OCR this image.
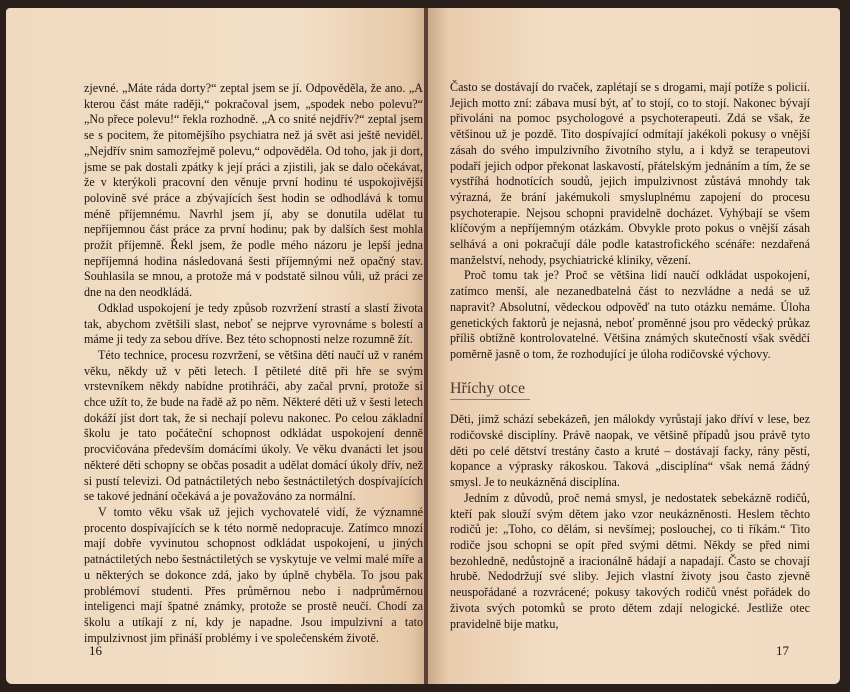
zjevné. „Máte ráda dorty?“ zeptal jsem se jí. Odpověděla, že ano. „A kterou část máte raději,“ pokračoval jsem, „spodek nebo polevu?“ „No přece polevu!“ řekla rozhodně. „A co snité nejdřív?“ zeptal jsem se s pocitem, že pitomějšího psychiatra než já svět asi ještě neviděl. „Nejdřív snim samozřejmě polevu,“ odpověděla. Od toho, jak ji dort, jsme se pak dostali zpátky k její práci a zjistili, jak se dalo očekávat, že v kterýkoli pracovní den věnuje první hodinu té uspokojivější polovině své práce a zbývajících šest hodin se odhodlává k tomu méně příjemnému. Navrhl jsem jí, aby se donutila udělat tu nepříjemnou část práce za první hodinu; pak by dalších šest mohla prožít příjemně. Řekl jsem, že podle mého názoru je lepší jedna nepříjemná hodina následovaná šesti příjemnými než opačný stav. Souhlasila se mnou, a protože má v podstatě silnou vůli, už práci ze dne na den neodkládá.

Odklad uspokojení je tedy způsob rozvržení strastí a slastí života tak, abychom zvětšili slast, neboť se nejprve vyrovnáme s bolestí a máme ji tedy za sebou dříve. Bez této schopnosti nelze rozumně žít.

Této technice, procesu rozvržení, se většina dětí naučí už v raném věku, někdy už v pěti letech. I pětileté dítě při hře se svým vrstevníkem někdy nabídne protihráči, aby začal první, protože si chce užít to, že bude na řadě až po něm. Některé děti už v šesti letech dokáží jíst dort tak, že si nechají polevu nakonec. Po celou základní školu je tato počáteční schopnost odkládat uspokojení denně procvičována především domácími úkoly. Ve věku dvanácti let jsou některé děti schopny se občas posadit a udělat domácí úkoly dřív, než si pustí televizi. Od patnáctiletých nebo šestnáctiletých dospívajících se takové jednání očekává a je považováno za normální.

V tomto věku však už jejich vychovatelé vidí, že významné procento dospívajících se k této normě nedopracuje. Zatímco mnozí mají dobře vyvinutou schopnost odkládat uspokojení, u jiných patnáctiletých nebo šestnáctiletých se vyskytuje ve velmi malé míře a u některých se dokonce zdá, jako by úplně chyběla. To jsou pak problémoví studenti. Přes průměrnou nebo i nadprůměrnou inteligenci mají špatné známky, protože se prostě neučí. Chodí za školu a utíkají z ní, kdy je napadne. Jsou impulzivní a tato impulzivnost jim přináší problémy i ve společenském životě.

16

Často se dostávají do rvaček, zaplétají se s drogami, mají potíže s policií. Jejich motto zní: zábava musí být, ať to stojí, co to stojí. Nakonec bývají přivoláni na pomoc psychologové a psychoterapeuti. Zdá se však, že většinou už je pozdě. Tito dospívající odmítají jakékoli pokusy o vnější zásah do svého impulzivního životního stylu, a i když se terapeutovi podaří jejich odpor překonat laskavostí, přátelským jednáním a tím, že se vystříhá hodnotících soudů, jejich impulzivnost zůstává mnohdy tak výrazná, že brání jakémukoli smysluplnému zapojení do procesu psychoterapie. Nejsou schopni pravidelně docházet. Vyhýbají se všem klíčovým a nepříjemným otázkám. Obvykle proto pokus o vnější zásah selhává a oni pokračují dále podle katastrofického scénáře: nezdařená manželství, nehody, psychiatrické kliniky, vězení.

Proč tomu tak je? Proč se většina lidí naučí odkládat uspokojení, zatímco menší, ale nezanedbatelná část to nezvládne a nedá se už napravit? Absolutní, vědeckou odpověď na tuto otázku nemáme. Úloha genetických faktorů je nejasná, neboť proměnné jsou pro vědecký průkaz příliš obtížně kontrolovatelné. Většina známých skutečností však svědčí poměrně jasně o tom, že rozhodující je úloha rodičovské výchovy.

Hříchy otce

Děti, jimž schází sebekázeň, jen málokdy vyrůstají jako dříví v lese, bez rodičovské disciplíny. Právě naopak, ve většině případů jsou právě tyto děti po celé dětství trestány často a kruté – dostávají facky, rány pěstí, kopance a výprasky rákoskou. Taková „disciplína“ však nemá žádný smysl. Je to neukázněná disciplína.

Jedním z důvodů, proč nemá smysl, je nedostatek sebekázně rodičů, kteří pak slouží svým dětem jako vzor neukázněnosti. Heslem těchto rodičů je: „Toho, co dělám, si nevšímej; poslouchej, co ti říkám.“ Tito rodiče jsou schopni se opít před svými dětmi. Někdy se před nimi bezohledně, nedůstojně a iracionálně hádají a napadají. Často se chovají hrubě. Nedodržují své sliby. Jejich vlastní životy jsou často zjevně neuspořádané a rozvrácené; pokusy takových rodičů vnést pořádek do života svých potomků se proto dětem zdají nelogické. Jestliže otec pravidelně bije matku,

17
